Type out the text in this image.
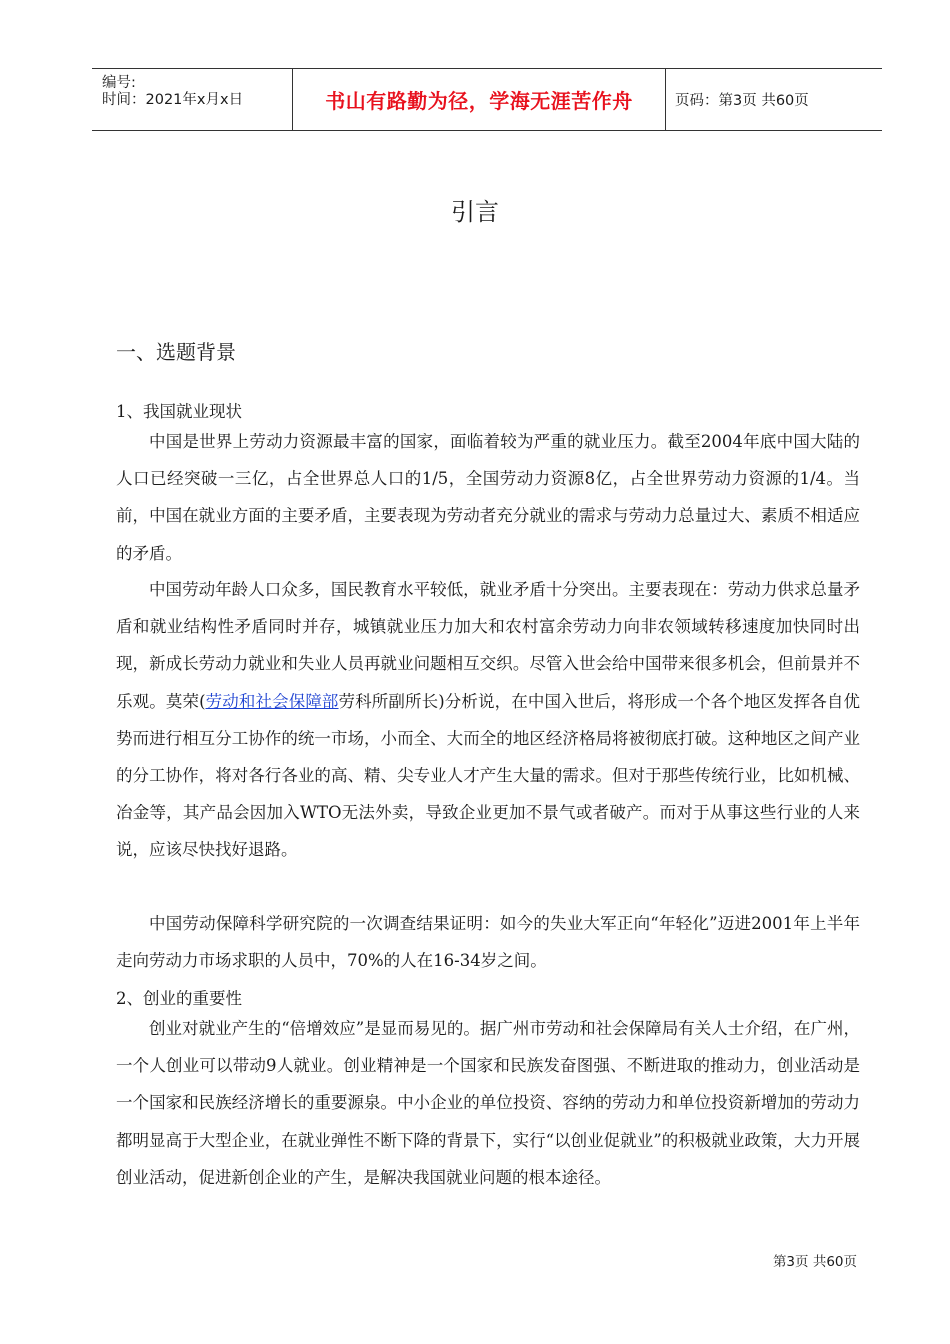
编号:
时间：2021年x月x日	书山有路勤为径，学海无涯苦作舟	页码：第3页 共60页
引言
一、选题背景
1、我国就业现状

中国是世界上劳动力资源最丰富的国家，面临着较为严重的就业压力。截至2004年底中国大陆的人口已经突破一三亿，占全世界总人口的1/5，全国劳动力资源8亿，占全世界劳动力资源的1/4。当前，中国在就业方面的主要矛盾，主要表现为劳动者充分就业的需求与劳动力总量过大、素质不相适应的矛盾。

中国劳动年龄人口众多，国民教育水平较低，就业矛盾十分突出。主要表现在：劳动力供求总量矛盾和就业结构性矛盾同时并存，城镇就业压力加大和农村富余劳动力向非农领域转移速度加快同时出现，新成长劳动力就业和失业人员再就业问题相互交织。尽管入世会给中国带来很多机会，但前景并不乐观。莫荣(劳动和社会保障部劳科所副所长)分析说，在中国入世后，将形成一个各个地区发挥各自优势而进行相互分工协作的统一市场，小而全、大而全的地区经济格局将被彻底打破。这种地区之间产业的分工协作，将对各行各业的高、精、尖专业人才产生大量的需求。但对于那些传统行业，比如机械、冶金等，其产品会因加入WTO无法外卖，导致企业更加不景气或者破产。而对于从事这些行业的人来说，应该尽快找好退路。

中国劳动保障科学研究院的一次调查结果证明：如今的失业大军正向“年轻化”迈进2001年上半年走向劳动力市场求职的人员中，70%的人在16-34岁之间。

2、创业的重要性

创业对就业产生的“倍增效应”是显而易见的。据广州市劳动和社会保障局有关人士介绍，在广州，一个人创业可以带动9人就业。创业精神是一个国家和民族发奋图强、不断进取的推动力，创业活动是一个国家和民族经济增长的重要源泉。中小企业的单位投资、容纳的劳动力和单位投资新增加的劳动力都明显高于大型企业，在就业弹性不断下降的背景下，实行“以创业促就业”的积极就业政策，大力开展创业活动，促进新创企业的产生，是解决我国就业问题的根本途径。

第3页 共60页
